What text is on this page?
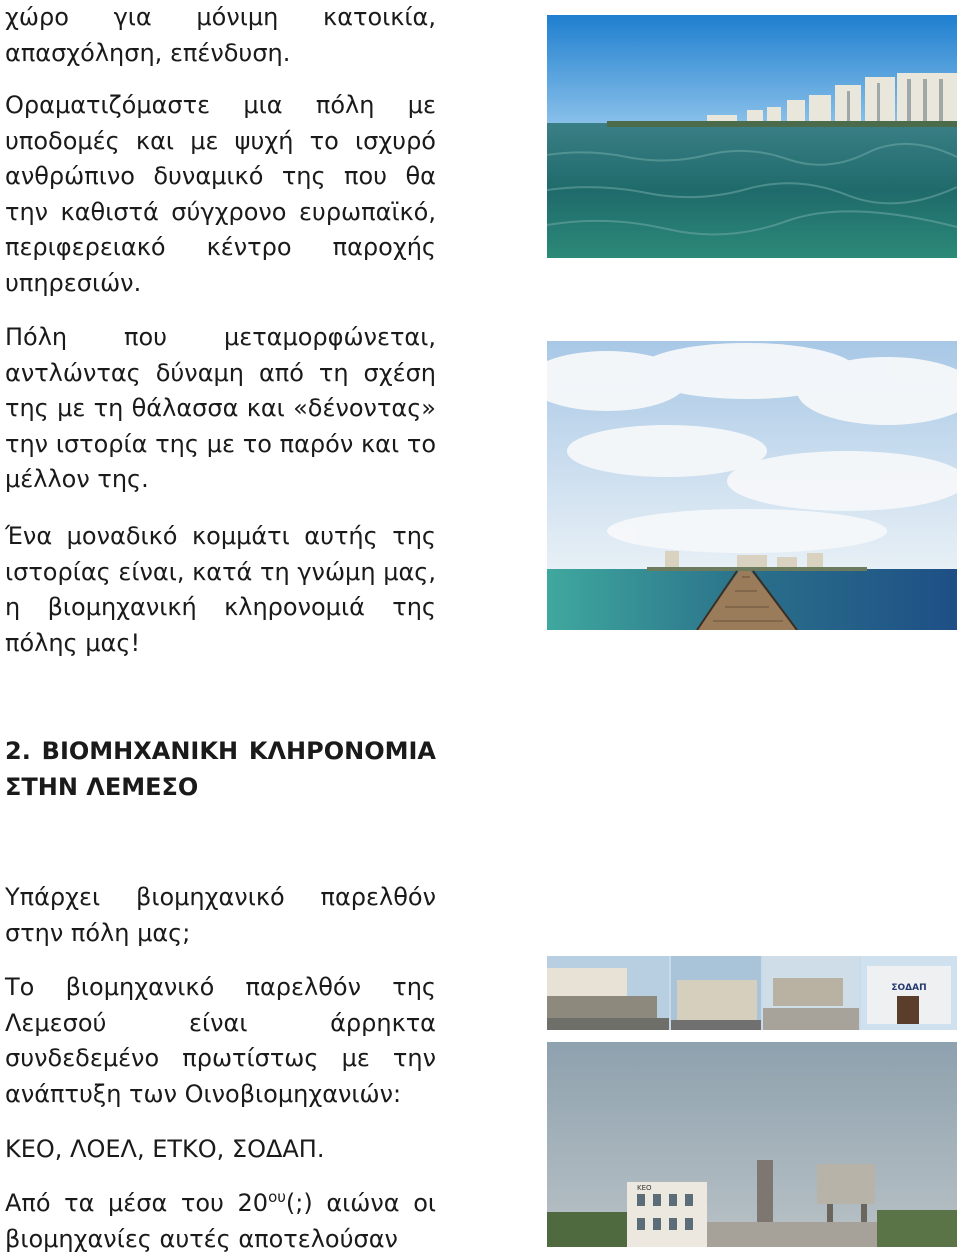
χώρο για μόνιμη κατοικία,
απασχόληση, επένδυση.

Οραματιζόμαστε μια πόλη με υποδομές και με ψυχή το ισχυρό ανθρώπινο δυναμικό της που θα την καθιστά σύγχρονο ευρωπαϊκό, περιφερειακό κέντρο παροχής υπηρεσιών.

Πόλη που μεταμορφώνεται, αντλώντας δύναμη από τη σχέση της με τη θάλασσα και «δένοντας» την ιστορία της με το παρόν και το μέλλον της.

Ένα μοναδικό κομμάτι αυτής της ιστορίας είναι, κατά τη γνώμη μας, η βιομηχανική κληρονομιά της πόλης μας!

2. ΒΙΟΜΗΧΑΝΙΚΗ ΚΛΗΡΟΝΟΜΙΑ
ΣΤΗΝ ΛΕΜΕΣΟ

Υπάρχει βιομηχανικό παρελθόν στην πόλη μας;

Το βιομηχανικό παρελθόν της Λεμεσού είναι άρρηκτα συνδεδεμένο πρωτίστως με την ανάπτυξη των Οινοβιομηχανιών:

ΚΕΟ, ΛΟΕΛ, ΕΤΚΟ, ΣΟΔΑΠ.

Από τα μέσα του $20^{o\upsilon}(;)$ αιώνα οι βιομηχανίες αυτές αποτελούσαν

ΣΟΔΑΠ
ΚΕΟ
